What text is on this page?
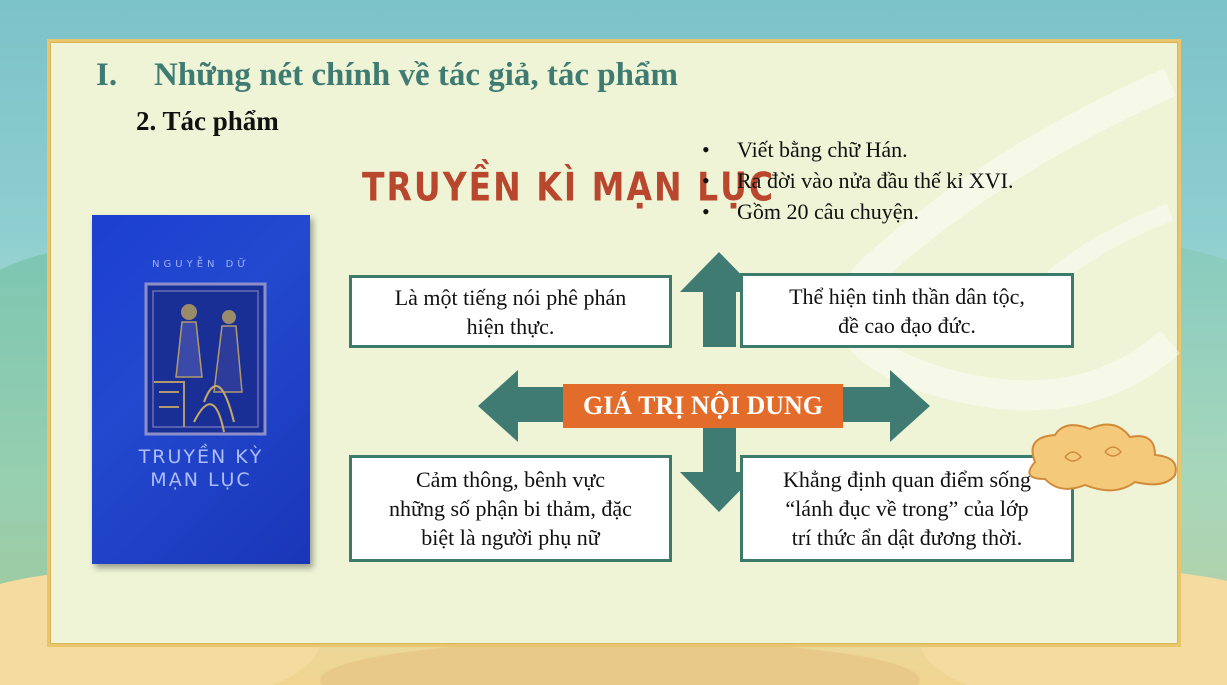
I. Những nét chính về tác giả, tác phẩm
2. Tác phẩm
TRUYỀN KÌ MẠN LỤC
• Viết bằng chữ Hán.
• Ra đời vào nửa đầu thế kỉ XVI.
• Gồm 20 câu chuyện.
NGUYỄN DỮ
TRUYỀN KỲ
MẠN LỤC
Là một tiếng nói phê phán
hiện thực.
Thể hiện tinh thần dân tộc,
đề cao đạo đức.
Cảm thông, bênh vực
những số phận bi thảm, đặc
biệt là người phụ nữ
Khẳng định quan điểm sống
“lánh đục về trong” của lớp
trí thức ẩn dật đương thời.
GIÁ TRỊ NỘI DUNG
